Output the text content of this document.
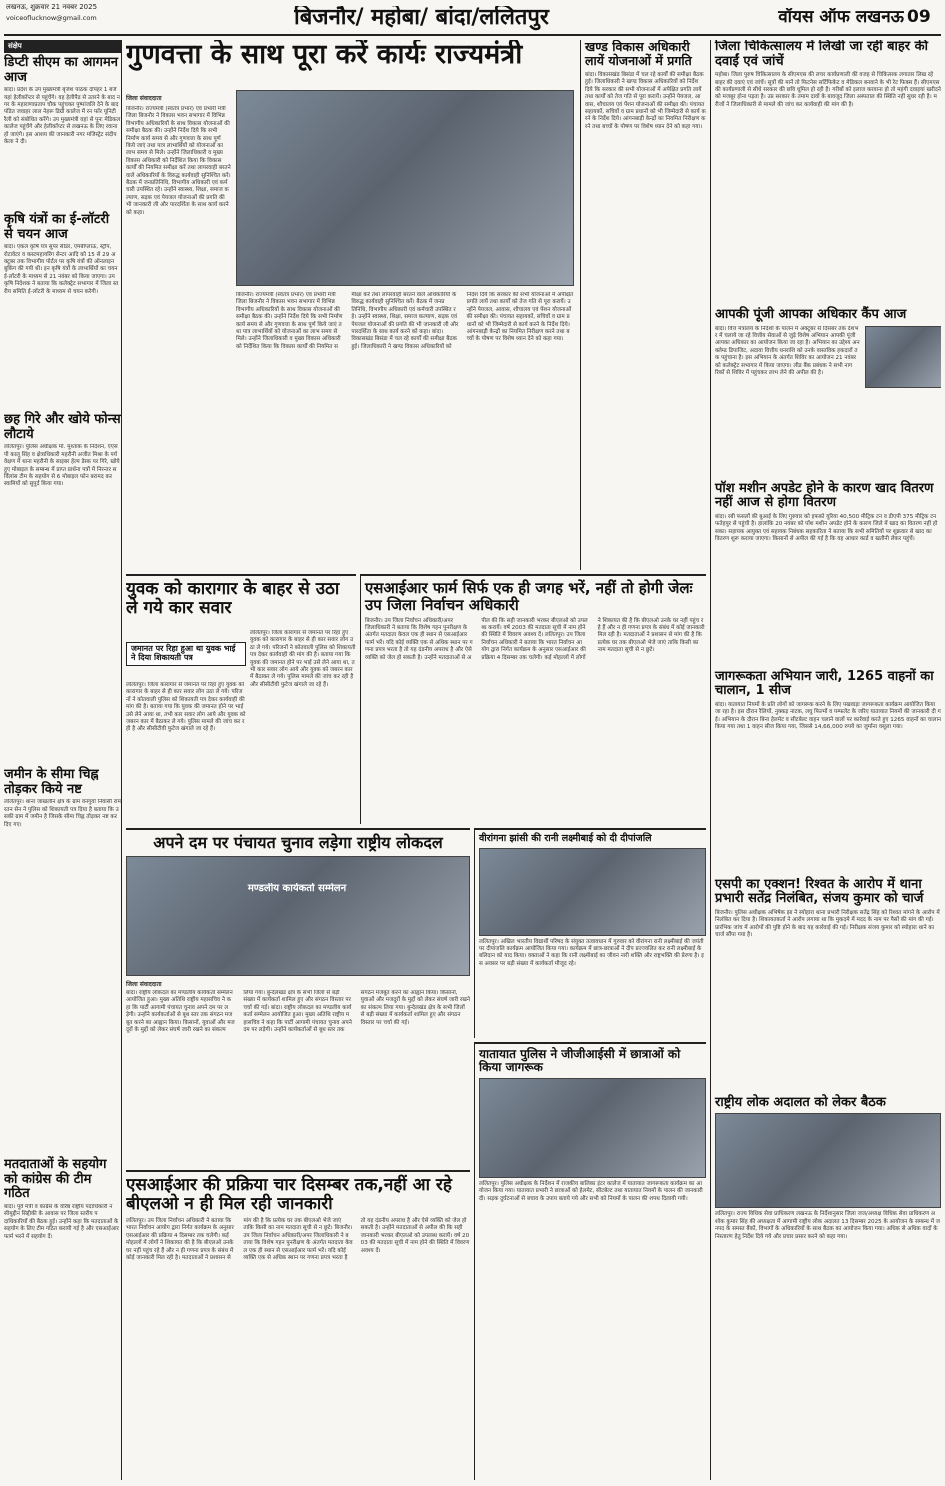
लखनऊ, शुक्रवार 21 नवंबर 2025
voiceoflucknow@gmail.com	बिजनौर/ महोबा/ बांदा/ललितपुर	वॉयस ऑफ लखनऊ 09
संक्षेप
डिप्टी सीएम का आगमन आज
बांदा। प्रदेश के उप मुख्यमंत्री बृजेश पाठक दोपहर 1 बजे यहां हेलीकॉप्टर से पहुंचेंगे। वह हेलीपैड से उतरने के बाद नगर के महाराणाप्रताप चौक पहुंचकर पुष्पांजलि देने के बाद पंडित जवाहर लाल नेहरू डिग्री कालेज में रन फॉर यूनिटी रैली को संबोधित करेंगे। उप मुख्यमंत्री वहां से पुनः मेडिकल कालेज पहुंचेंगे और हेलीकॉप्टर से लखनऊ के लिए रवाना हो जाएंगे। इस आशय की जानकारी नगर मजिस्ट्रेट संदीप केला ने दी।
कृषि यंत्रों का ई-लॉटरी से चयन आज
बांदा। एकल कृषि यंत्र सुपर सीडर, एमबीप्लाऊ, स्ट्रीप, रोटावेटर व कस्टमहायरिंग सेन्टर आदि को 15 से 29 अक्टूबर तक विभागीय पोर्टल पर कृषि यंत्रों की ऑनलाइन बुकिंग की गयी थी। इन कृषि यंत्रों के लाभार्थियों का चयन ई-लॉटरी के माध्यम से 21 नवंबर को किया जाएगा। उप कृषि निदेशक ने बताया कि कलेक्ट्रेट सभागार में जिला स्तरीय समिति ई-लॉटरी के माध्यम से चयन करेगी।
छह गिरे और खोये फोन्स लौटाये
ललितपुर। पुलिस अधीक्षक मो. मुश्ताक के निर्देशन, एएसपी कालू सिंह व क्षेत्राधिकारी महरौनी अजीत मिश्रा के पर्यवेक्षण में थाना महरौनी के साइबर हेल्प डेस्क पर गिरे, खोये हुए मोबाइल के सम्बन्ध में प्राप्त प्रार्थना पत्रों में निरन्तर सर्विलांस टीम के सहयोग से 6 मोबाइल फोन बरामद कर स्वामियों को सुपुर्द किया गया।
जमीन के सीमा चिह्न तोड़कर किये नष्ट
ललितपुर। थाना जाखलौन क्षेत्र के ग्राम वनगुवाँ निवासी रामरतन सेन ने पुलिस को शिकायती पत्र दिया है बताया कि उसकी ग्राम में जमीन है जिसके सीमा चिह्न तोड़कर नष्ट कर दिए गए।
मतदाताओं के सहयोग को कांग्रेस की टीम गठित
बांदा। पूर्व मंत्री व कांग्रेस के वरिष्ठ राष्ट्रीय पदाधिकारी नसीमुद्दीन सिद्दीकी के आवास पर जिला स्तरीय पदाधिकारियों की बैठक हुई। उन्होंने कहा कि मतदाताओं के सहयोग के लिए टीम गठित करायी गई है और एसआईआर फार्म भरने में सहयोग दें।
गुणवत्ता के साथ पूरा करें कार्यः राज्यमंत्री
जिला संवाददाता
बिजनौर। राज्यमंत्री (स्वतंत्र प्रभार) एवं प्रभारी मंत्री जिला बिजनौर ने विकास भवन सभागार में विभिन्न विभागीय अधिकारियों के साथ विकास योजनाओं की समीक्षा बैठक की। उन्होंने निर्देश दिये कि सभी निर्माण कार्य समय से और गुणवत्ता के साथ पूर्ण किये जाएं तथा पात्र लाभार्थियों को योजनाओं का लाभ समय से मिले। उन्होंने जिलाधिकारी व मुख्य विकास अधिकारी को निर्देशित किया कि विकास कार्यों की नियमित समीक्षा करें तथा लापरवाही बरतने वाले अधिकारियों के विरुद्ध कार्यवाही सुनिश्चित करें। बैठक में जनप्रतिनिधि, विभागीय अधिकारी एवं कर्मचारी उपस्थित रहे। उन्होंने स्वास्थ्य, शिक्षा, समाज कल्याण, सड़क एवं पेयजल योजनाओं की प्रगति की भी जानकारी ली और पारदर्शिता के साथ कार्य करने को कहा।
बिजनौर। राज्यमंत्री (स्वतंत्र प्रभार) एवं प्रभारी मंत्री जिला बिजनौर ने विकास भवन सभागार में विभिन्न विभागीय अधिकारियों के साथ विकास योजनाओं की समीक्षा बैठक की। उन्होंने निर्देश दिये कि सभी निर्माण कार्य समय से और गुणवत्ता के साथ पूर्ण किये जाएं तथा पात्र लाभार्थियों को योजनाओं का लाभ समय से मिले। उन्होंने जिलाधिकारी व मुख्य विकास अधिकारी को निर्देशित किया कि विकास कार्यों की नियमित समीक्षा करें तथा लापरवाही बरतने वाले अधिकारियों के विरुद्ध कार्यवाही सुनिश्चित करें। बैठक में जनप्रतिनिधि, विभागीय अधिकारी एवं कर्मचारी उपस्थित रहे। उन्होंने स्वास्थ्य, शिक्षा, समाज कल्याण, सड़क एवं पेयजल योजनाओं की प्रगति की भी जानकारी ली और पारदर्शिता के साथ कार्य करने को कहा। बांदा। विकासखंड बिसंडा में चल रहे कार्यों की समीक्षा बैठक हुई। जिलाधिकारी ने खण्ड विकास अधिकारियों को निर्देश दिये कि सरकार की सभी योजनाओं में अपेक्षित प्रगति लायें तथा कार्यों को तेज गति से पूरा करायें। उन्होंने पेयजल, आवास, शौचालय एवं पेंशन योजनाओं की समीक्षा की। पंचायत सहायकों, सचिवों व ग्राम प्रधानों को भी जिम्मेदारी से कार्य करने के निर्देश दिये। आंगनबाड़ी केन्द्रों का नियमित निरीक्षण करने तथा बच्चों के पोषण पर विशेष ध्यान देने को कहा गया।
खण्ड विकास अधिकारी लायें योजनाओं में प्रगति
बांदा। विकासखंड बिसंडा में चल रहे कार्यों की समीक्षा बैठक हुई। जिलाधिकारी ने खण्ड विकास अधिकारियों को निर्देश दिये कि सरकार की सभी योजनाओं में अपेक्षित प्रगति लायें तथा कार्यों को तेज गति से पूरा करायें। उन्होंने पेयजल, आवास, शौचालय एवं पेंशन योजनाओं की समीक्षा की। पंचायत सहायकों, सचिवों व ग्राम प्रधानों को भी जिम्मेदारी से कार्य करने के निर्देश दिये। आंगनबाड़ी केन्द्रों का नियमित निरीक्षण करने तथा बच्चों के पोषण पर विशेष ध्यान देने को कहा गया।
जिला चिकित्सालय में लिखी जा रहीं बाहर की दवाईं एवं जांचें
महोबा। जिला पुरुष चिकित्सालय के सीएमएस की लचर कार्यप्रणाली की वजह से चिकित्सक लगातार लिख रहे बाहर की दवाएं एवं जांचें। सूत्रों की मानें तो फिटनेस सर्टिफिकेट व मेडिकल बनवाने के भी रेट फिक्स हैं। सीएमएस की कार्यप्रणाली से सीधे सरकार की छवि धूमिल हो रही है। गरीबों को इलाज करवाना हो तो महंगी दवाइयां खरीदने को मजबूर होना पड़ता है। उप्र सरकार के तमाम दावों के बावजूद जिला अस्पताल की स्थिति नहीं सुधर रही है। मरीजों ने जिलाधिकारी से मामले की जांच कर कार्यवाही की मांग की है।
आपकी पूंजी आपका अधिकार कैंप आज
बांदा। वित्त मंत्रालय के निर्देशों के पालन में अक्टूबर से दिसंबर तक देशभर में चलाये जा रहे वित्तीय सेवाओं से जुड़े विशेष अभियान आपकी पूंजी आपका अधिकार का आयोजन किया जा रहा है। अभियान का उद्देश्य अनक्लेम्ड डिपाजिट, अदावा वित्तीय धनराशि को उनके वास्तविक हकदारों तक पहुंचाना है। इस अभियान के अंतर्गत शिविर का आयोजन 21 नवंबर को कलेक्ट्रेट सभागार में किया जाएगा। लीड बैंक प्रबंधक ने सभी नागरिकों से शिविर में पहुंचकर लाभ लेने की अपील की है।
पॉश मशीन अपडेट होने के कारण खाद वितरण नहीं आज से होगा वितरण
बांदा। रबी फसलों की बुआई के लिए गुरुवार को इफको यूरिया 40,500 मीट्रिक टन व डीएपी 375 मीट्रिक टन फतेहपुर से पहुंची है। हालांकि 20 नवंबर को पॉश मशीन अपडेट होने के कारण जिले में खाद का वितरण नहीं हो सका। सहायक आयुक्त एवं सहायक निबंधक सहकारिता ने बताया कि सभी समितियों पर शुक्रवार से खाद का वितरण शुरू कराया जाएगा। किसानों से अपील की गई है कि वह आधार कार्ड व खतौनी लेकर पहुंचें।
जागरूकता अभियान जारी, 1265 वाहनों का चालान, 1 सीज
बांदा। यातायात नियमों के प्रति लोगों को जागरूक करने के लिए पखवाड़ा जागरूकता कार्यक्रम आयोजित किया जा रहा है। इस दौरान रैलियों, नुक्कड़ नाटक, लघु फिल्मों व पम्फलेट के जरिए यातायात नियमों की जानकारी दी गई। अभियान के दौरान बिना हेलमेट व सीटबेल्ट वाहन चलाने वालों पर कार्रवाई करते हुए 1265 वाहनों का चालान किया गया तथा 1 वाहन सीज किया गया, जिससे 14,66,000 रुपये का जुर्माना वसूला गया।
एसपी का एक्शन! रिश्वत के आरोप में थाना प्रभारी सतेंद्र निलंबित, संजय कुमार को चार्ज
बिजनौर। पुलिस अधीक्षक अभिषेक झा ने स्योहारा थाना प्रभारी निरीक्षक सतेंद्र सिंह को रिश्वत मांगने के आरोप में निलंबित कर दिया है। शिकायतकर्ता ने आरोप लगाया था कि मुकदमे में मदद के नाम पर पैसों की मांग की गई। प्रारंभिक जांच में आरोपों की पुष्टि होने के बाद यह कार्रवाई की गई। निरीक्षक संजय कुमार को स्योहारा थाने का चार्ज सौंपा गया है।
राष्ट्रीय लोक अदालत को लेकर बैठक
ललितपुर। राज्य विधिक सेवा प्राधिकरण लखनऊ के निर्देशानुसार जिला जज/अध्यक्ष विधिक सेवा प्राधिकरण अशोक कुमार सिंह की अध्यक्षता में आगामी राष्ट्रीय लोक अदालत 13 दिसम्बर 2025 के आयोजन के सम्बन्ध में जनपद के समस्त बैंकों, विभागों के अधिकारियों के साथ बैठक का आयोजन किया गया। अधिक से अधिक वादों के निस्तारण हेतु निर्देश दिये गये और प्रचार प्रसार करने को कहा गया।
युवक को कारागार के बाहर से उठा ले गये कार सवार
जमानत पर रिहा हुआ था युवक भाई ने दिया शिकायती पत्र
ललितपुर। जिला कारागार से जमानत पर रिहा हुए युवक को कारागार के बाहर से ही कार सवार लोग उठा ले गये। परिजनों ने कोतवाली पुलिस को शिकायती पत्र देकर कार्यवाही की मांग की है। बताया गया कि युवक की जमानत होने पर भाई उसे लेने आया था, तभी कार सवार लोग आये और युवक को जबरन कार में बैठाकर ले गये। पुलिस मामले की जांच कर रही है और सीसीटीवी फुटेज खंगाले जा रहे हैं।
ललितपुर। जिला कारागार से जमानत पर रिहा हुए युवक को कारागार के बाहर से ही कार सवार लोग उठा ले गये। परिजनों ने कोतवाली पुलिस को शिकायती पत्र देकर कार्यवाही की मांग की है। बताया गया कि युवक की जमानत होने पर भाई उसे लेने आया था, तभी कार सवार लोग आये और युवक को जबरन कार में बैठाकर ले गये। पुलिस मामले की जांच कर रही है और सीसीटीवी फुटेज खंगाले जा रहे हैं।
एसआईआर फार्म सिर्फ एक ही जगह भरें, नहीं तो होगी जेलः उप जिला निर्वाचन अधिकारी
बिजनौर। उप जिला निर्वाचन अधिकारी/अपर जिलाधिकारी ने बताया कि विशेष गहन पुनरीक्षण के अंतर्गत मतदाता केवल एक ही स्थान से एसआईआर फार्म भरें। यदि कोई व्यक्ति एक से अधिक स्थान पर गणना प्रपत्र भरता है तो यह दंडनीय अपराध है और ऐसे व्यक्ति को जेल हो सकती है। उन्होंने मतदाताओं से अपील की कि सही जानकारी भरकर बीएलओ को उपलब्ध करायें। वर्ष 2003 की मतदाता सूची में नाम होने की स्थिति में विवरण अवश्य दें। ललितपुर। उप जिला निर्वाचन अधिकारी ने बताया कि भारत निर्वाचन आयोग द्वारा निर्गत कार्यक्रम के अनुसार एसआईआर की प्रक्रिया 4 दिसम्बर तक चलेगी। कई मोहल्लों में लोगों ने शिकायत की है कि बीएलओ उनके घर नहीं पहुंच रहे हैं और न ही गणना प्रपत्र के संबंध में कोई जानकारी मिल रही है। मतदाताओं ने प्रशासन से मांग की है कि प्रत्येक घर तक बीएलओ भेजे जाएं ताकि किसी का नाम मतदाता सूची से न छूटे।
अपने दम पर पंचायत चुनाव लड़ेगा राष्ट्रीय लोकदल
मण्डलीय कार्यकर्ता सम्मेलन
जिला संवाददाता
बांदा। राष्ट्रीय लोकदल का मण्डलीय कार्यकर्ता सम्मेलन आयोजित हुआ। मुख्य अतिथि राष्ट्रीय महासचिव ने कहा कि पार्टी आगामी पंचायत चुनाव अपने दम पर लड़ेगी। उन्होंने कार्यकर्ताओं से बूथ स्तर तक संगठन मजबूत करने का आह्वान किया। किसानों, युवाओं और मजदूरों के मुद्दों को लेकर संघर्ष जारी रखने का संकल्प लिया गया। बुन्देलखंड क्षेत्र के सभी जिलों से बड़ी संख्या में कार्यकर्ता शामिल हुए और संगठन विस्तार पर चर्चा की गई। बांदा। राष्ट्रीय लोकदल का मण्डलीय कार्यकर्ता सम्मेलन आयोजित हुआ। मुख्य अतिथि राष्ट्रीय महासचिव ने कहा कि पार्टी आगामी पंचायत चुनाव अपने दम पर लड़ेगी। उन्होंने कार्यकर्ताओं से बूथ स्तर तक संगठन मजबूत करने का आह्वान किया। किसानों, युवाओं और मजदूरों के मुद्दों को लेकर संघर्ष जारी रखने का संकल्प लिया गया। बुन्देलखंड क्षेत्र के सभी जिलों से बड़ी संख्या में कार्यकर्ता शामिल हुए और संगठन विस्तार पर चर्चा की गई।
वीरांगना झांसी की रानी लक्ष्मीबाई को दी दीपांजलि
ललितपुर। अखिल भारतीय विद्यार्थी परिषद के संयुक्त तत्वावधान में गुरुवार को वीरांगना रानी लक्ष्मीबाई की जयंती पर दीपांजलि कार्यक्रम आयोजित किया गया। कार्यक्रम में छात्र-छात्राओं ने दीप प्रज्ज्वलित कर रानी लक्ष्मीबाई के बलिदान को याद किया। वक्ताओं ने कहा कि रानी लक्ष्मीबाई का जीवन नारी शक्ति और राष्ट्रभक्ति की प्रेरणा है। इस अवसर पर बड़ी संख्या में कार्यकर्ता मौजूद रहे।
यातायात पुलिस ने जीजीआईसी में छात्राओं को किया जागरूक
ललितपुर। पुलिस अधीक्षक के निर्देशन में राजकीय बालिका इंटर कालेज में यातायात जागरूकता कार्यक्रम का आयोजन किया गया। यातायात प्रभारी ने छात्राओं को हेलमेट, सीटबेल्ट तथा यातायात नियमों के पालन की जानकारी दी। सड़क दुर्घटनाओं से बचाव के उपाय बताये गये और सभी को नियमों के पालन की शपथ दिलायी गयी।
एसआईआर की प्रक्रिया चार दिसम्बर तक,नहीं आ रहे बीएलओ न ही मिल रही जानकारी
ललितपुर। उप जिला निर्वाचन अधिकारी ने बताया कि भारत निर्वाचन आयोग द्वारा निर्गत कार्यक्रम के अनुसार एसआईआर की प्रक्रिया 4 दिसम्बर तक चलेगी। कई मोहल्लों में लोगों ने शिकायत की है कि बीएलओ उनके घर नहीं पहुंच रहे हैं और न ही गणना प्रपत्र के संबंध में कोई जानकारी मिल रही है। मतदाताओं ने प्रशासन से मांग की है कि प्रत्येक घर तक बीएलओ भेजे जाएं ताकि किसी का नाम मतदाता सूची से न छूटे। बिजनौर। उप जिला निर्वाचन अधिकारी/अपर जिलाधिकारी ने बताया कि विशेष गहन पुनरीक्षण के अंतर्गत मतदाता केवल एक ही स्थान से एसआईआर फार्म भरें। यदि कोई व्यक्ति एक से अधिक स्थान पर गणना प्रपत्र भरता है तो यह दंडनीय अपराध है और ऐसे व्यक्ति को जेल हो सकती है। उन्होंने मतदाताओं से अपील की कि सही जानकारी भरकर बीएलओ को उपलब्ध करायें। वर्ष 2003 की मतदाता सूची में नाम होने की स्थिति में विवरण अवश्य दें।
